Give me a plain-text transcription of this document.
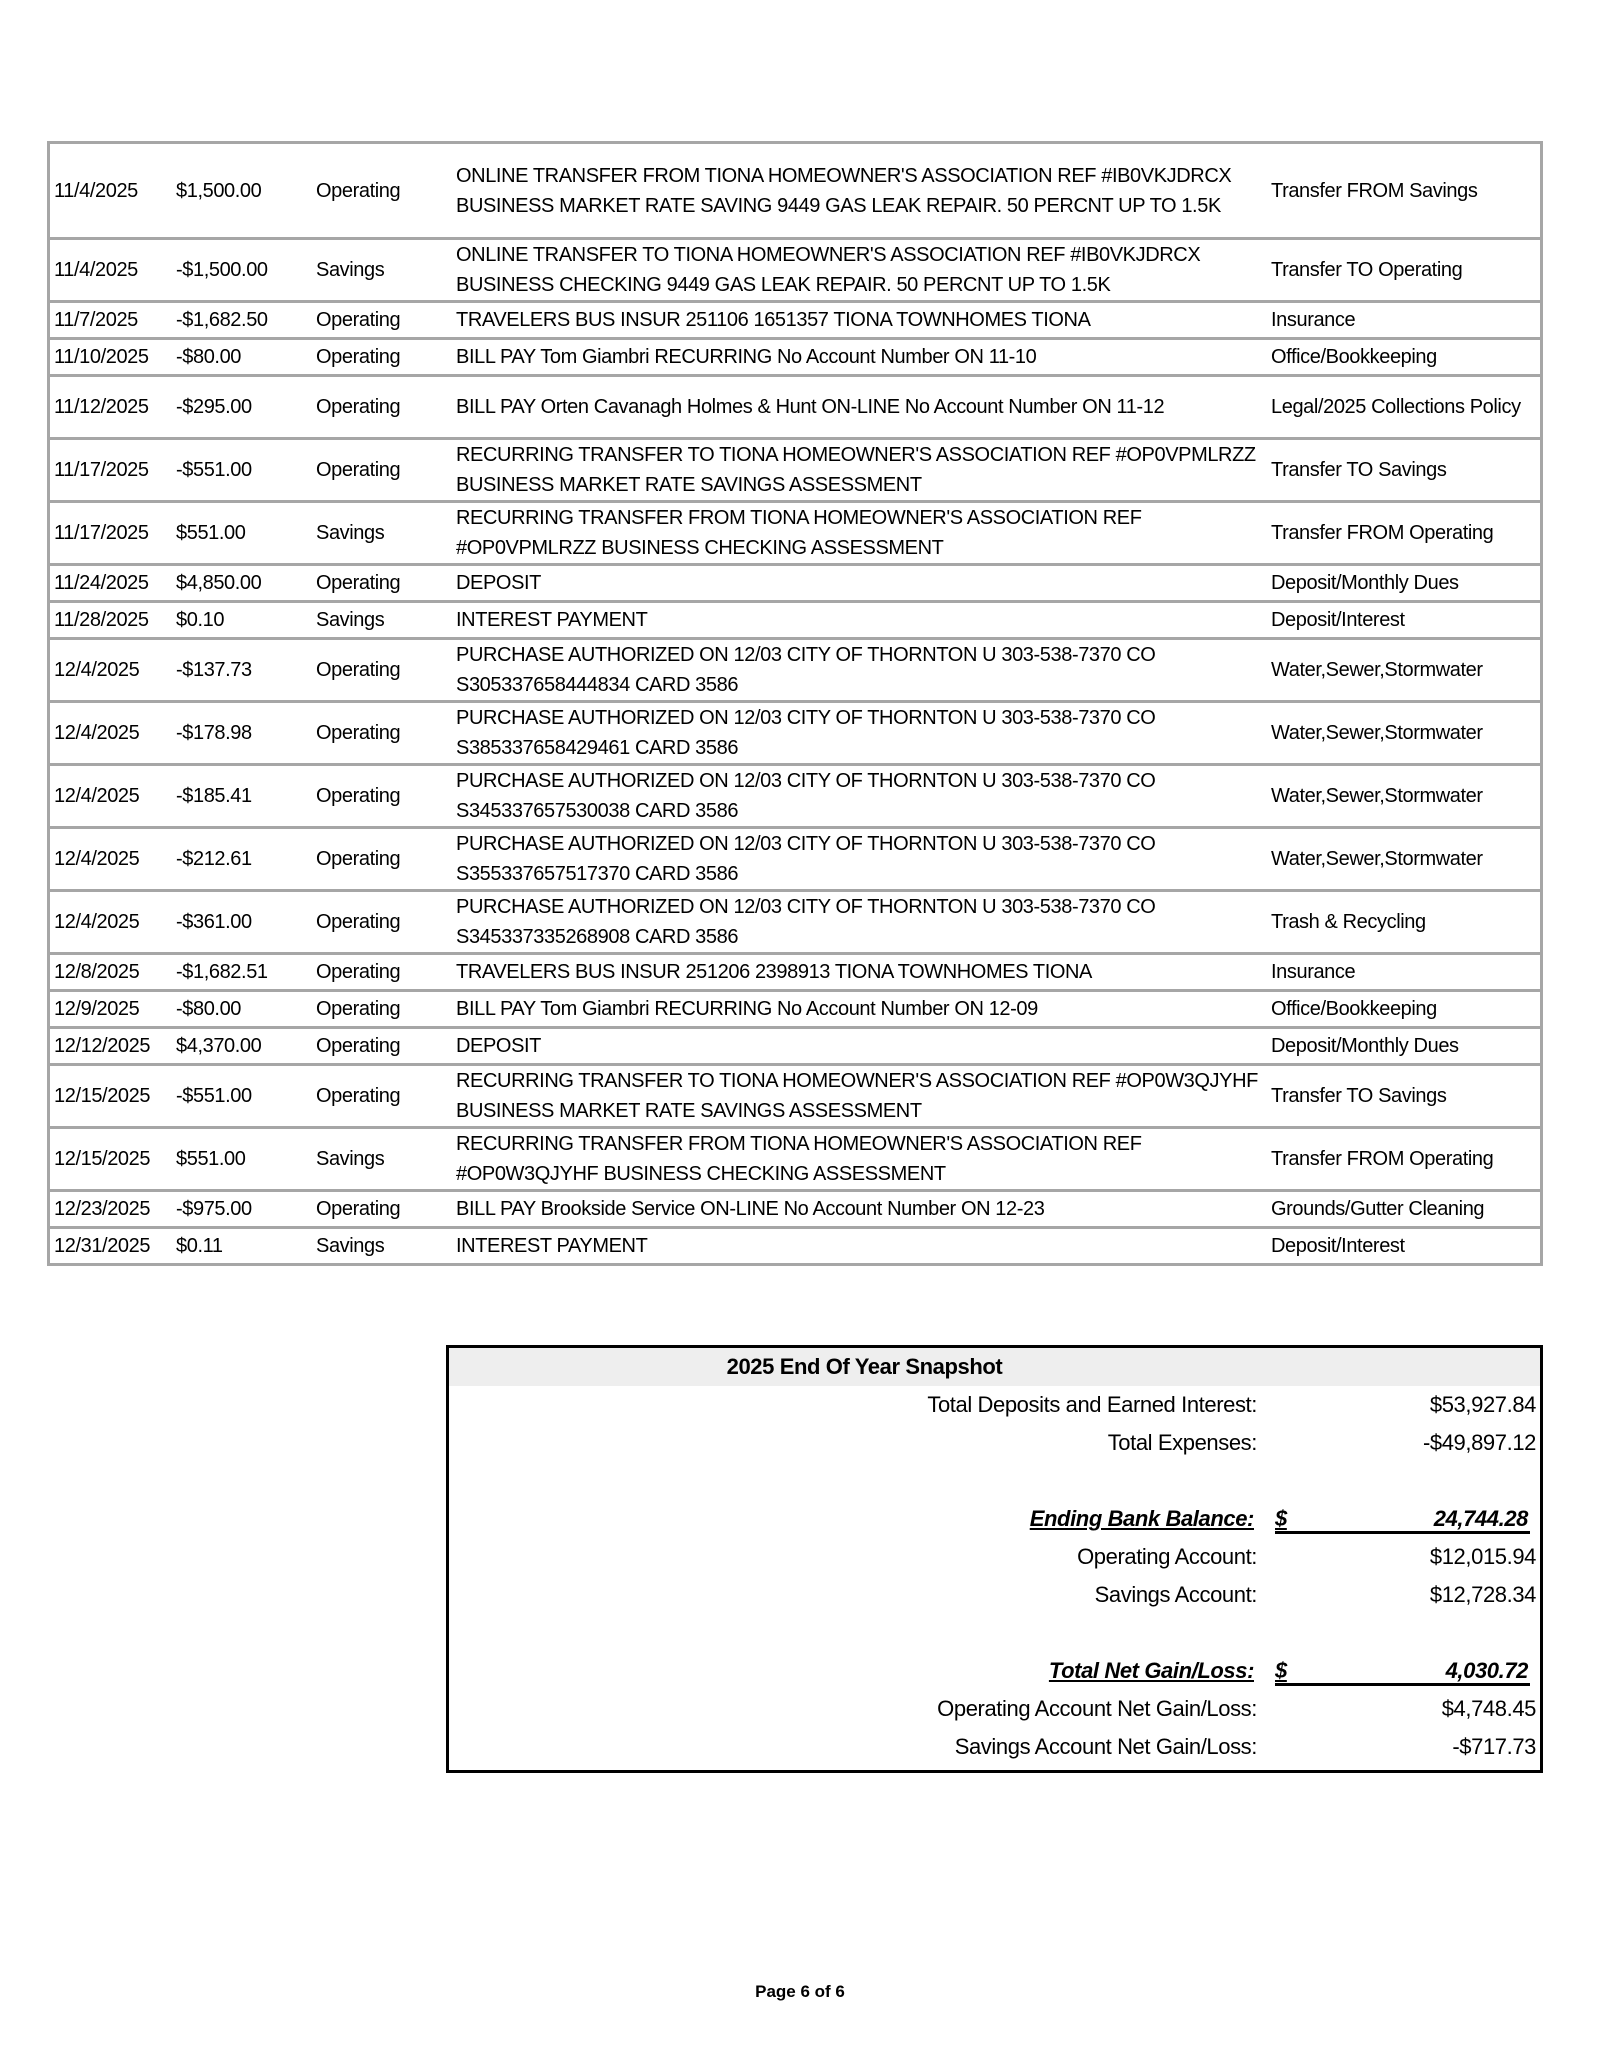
11/4/2025	$1,500.00	Operating	ONLINE TRANSFER FROM TIONA HOMEOWNER'S ASSOCIATION REF #IB0VKJDRCX BUSINESS MARKET RATE SAVING 9449 GAS LEAK REPAIR. 50 PERCNT UP TO 1.5K	Transfer FROM Savings
11/4/2025	-$1,500.00	Savings	ONLINE TRANSFER TO TIONA HOMEOWNER'S ASSOCIATION REF #IB0VKJDRCX BUSINESS CHECKING 9449 GAS LEAK REPAIR. 50 PERCNT UP TO 1.5K	Transfer TO Operating
11/7/2025	-$1,682.50	Operating	TRAVELERS BUS INSUR 251106 1651357 TIONA TOWNHOMES TIONA	Insurance
11/10/2025	-$80.00	Operating	BILL PAY Tom Giambri RECURRING No Account Number ON 11-10	Office/Bookkeeping
11/12/2025	-$295.00	Operating	BILL PAY Orten Cavanagh Holmes & Hunt ON-LINE No Account Number ON 11-12	Legal/2025 Collections Policy
11/17/2025	-$551.00	Operating	RECURRING TRANSFER TO TIONA HOMEOWNER'S ASSOCIATION REF #OP0VPMLRZZ BUSINESS MARKET RATE SAVINGS ASSESSMENT	Transfer TO Savings
11/17/2025	$551.00	Savings	RECURRING TRANSFER FROM TIONA HOMEOWNER'S ASSOCIATION REF #OP0VPMLRZZ BUSINESS CHECKING ASSESSMENT	Transfer FROM Operating
11/24/2025	$4,850.00	Operating	DEPOSIT	Deposit/Monthly Dues
11/28/2025	$0.10	Savings	INTEREST PAYMENT	Deposit/Interest
12/4/2025	-$137.73	Operating	PURCHASE AUTHORIZED ON 12/03 CITY OF THORNTON U 303-538-7370 CO S305337658444834 CARD 3586	Water,Sewer,Stormwater
12/4/2025	-$178.98	Operating	PURCHASE AUTHORIZED ON 12/03 CITY OF THORNTON U 303-538-7370 CO S385337658429461 CARD 3586	Water,Sewer,Stormwater
12/4/2025	-$185.41	Operating	PURCHASE AUTHORIZED ON 12/03 CITY OF THORNTON U 303-538-7370 CO S345337657530038 CARD 3586	Water,Sewer,Stormwater
12/4/2025	-$212.61	Operating	PURCHASE AUTHORIZED ON 12/03 CITY OF THORNTON U 303-538-7370 CO S355337657517370 CARD 3586	Water,Sewer,Stormwater
12/4/2025	-$361.00	Operating	PURCHASE AUTHORIZED ON 12/03 CITY OF THORNTON U 303-538-7370 CO S345337335268908 CARD 3586	Trash & Recycling
12/8/2025	-$1,682.51	Operating	TRAVELERS BUS INSUR 251206 2398913 TIONA TOWNHOMES TIONA	Insurance
12/9/2025	-$80.00	Operating	BILL PAY Tom Giambri RECURRING No Account Number ON 12-09	Office/Bookkeeping
12/12/2025	$4,370.00	Operating	DEPOSIT	Deposit/Monthly Dues
12/15/2025	-$551.00	Operating	RECURRING TRANSFER TO TIONA HOMEOWNER'S ASSOCIATION REF #OP0W3QJYHF BUSINESS MARKET RATE SAVINGS ASSESSMENT	Transfer TO Savings
12/15/2025	$551.00	Savings	RECURRING TRANSFER FROM TIONA HOMEOWNER'S ASSOCIATION REF #OP0W3QJYHF BUSINESS CHECKING ASSESSMENT	Transfer FROM Operating
12/23/2025	-$975.00	Operating	BILL PAY Brookside Service ON-LINE No Account Number ON 12-23	Grounds/Gutter Cleaning
12/31/2025	$0.11	Savings	INTEREST PAYMENT	Deposit/Interest
2025 End Of Year Snapshot
Total Deposits and Earned Interest:	$53,927.84
Total Expenses:	-$49,897.12
Ending Bank Balance: $	24,744.28
Operating Account:	$12,015.94
Savings Account:	$12,728.34
Total Net Gain/Loss: $	4,030.72
Operating Account Net Gain/Loss:	$4,748.45
Savings Account Net Gain/Loss:	-$717.73
Page 6 of 6
